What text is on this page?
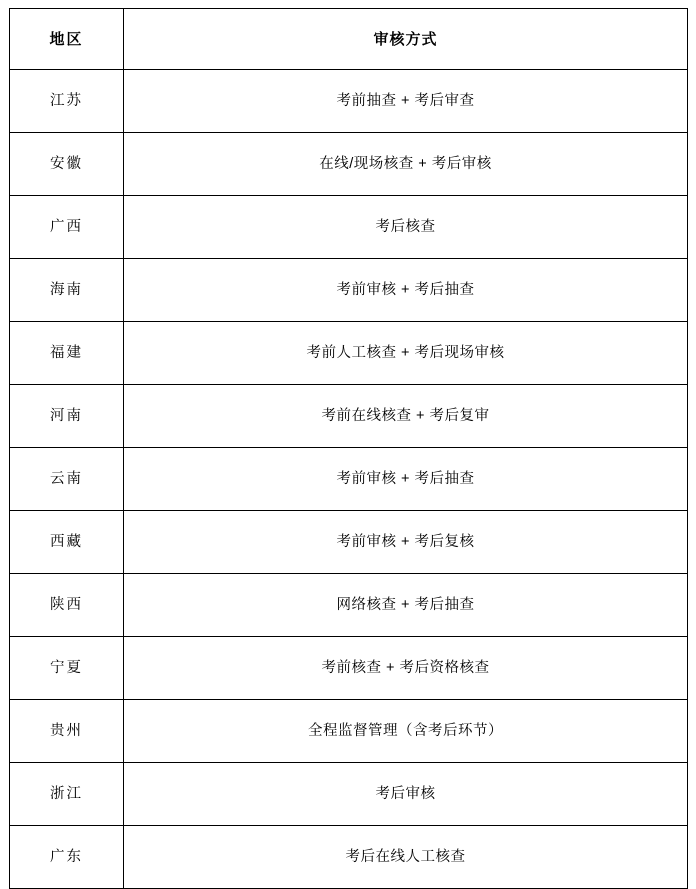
地区	审核方式
江苏	考前抽查 + 考后审查
安徽	在线/现场核查 + 考后审核
广西	考后核查
海南	考前审核 + 考后抽查
福建	考前人工核查 + 考后现场审核
河南	考前在线核查 + 考后复审
云南	考前审核 + 考后抽查
西藏	考前审核 + 考后复核
陕西	网络核查 + 考后抽查
宁夏	考前核查 + 考后资格核查
贵州	全程监督管理（含考后环节）
浙江	考后审核
广东	考后在线人工核查
